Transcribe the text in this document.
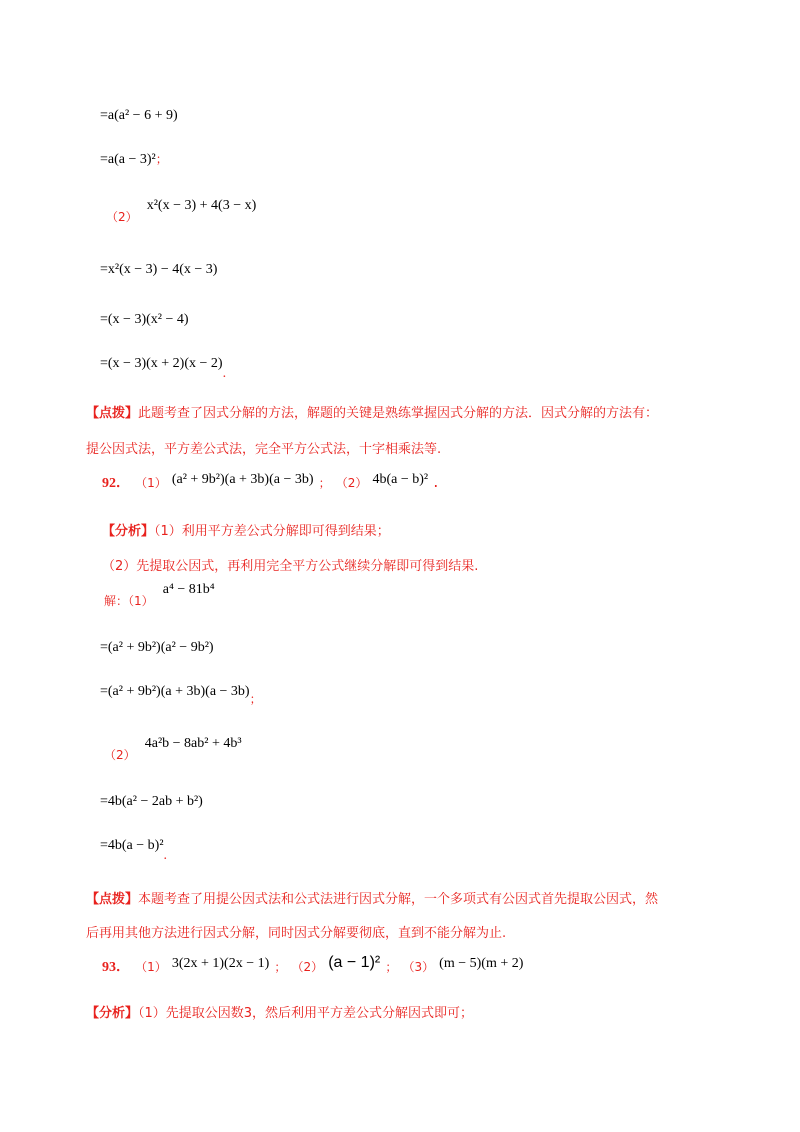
=a(a² − 6 + 9)
=a(a − 3)²；
（2） x²(x − 3) + 4(3 − x)
=x²(x − 3) − 4(x − 3)
=(x − 3)(x² − 4)
=(x − 3)(x + 2)(x − 2).
【点拨】此题考查了因式分解的方法，解题的关键是熟练掌握因式分解的方法．因式分解的方法有：
提公因式法，平方差公式法，完全平方公式法，十字相乘法等.
92． （1） (a² + 9b²)(a + 3b)(a − 3b) ； （2） 4b(a − b)² .
【分析】（1）利用平方差公式分解即可得到结果；
（2）先提取公因式，再利用完全平方公式继续分解即可得到结果.
解：（1） a⁴ − 81b⁴
=(a² + 9b²)(a² − 9b²)
=(a² + 9b²)(a + 3b)(a − 3b)；
（2） 4a²b − 8ab² + 4b³
=4b(a² − 2ab + b²)
=4b(a − b)².
【点拨】本题考查了用提公因式法和公式法进行因式分解，一个多项式有公因式首先提取公因式，然
后再用其他方法进行因式分解，同时因式分解要彻底，直到不能分解为止.
93． （1） 3(2x + 1)(2x − 1) ； （2） (a − 1)² ； （3） (m − 5)(m + 2)
【分析】（1）先提取公因数3，然后利用平方差公式分解因式即可；
